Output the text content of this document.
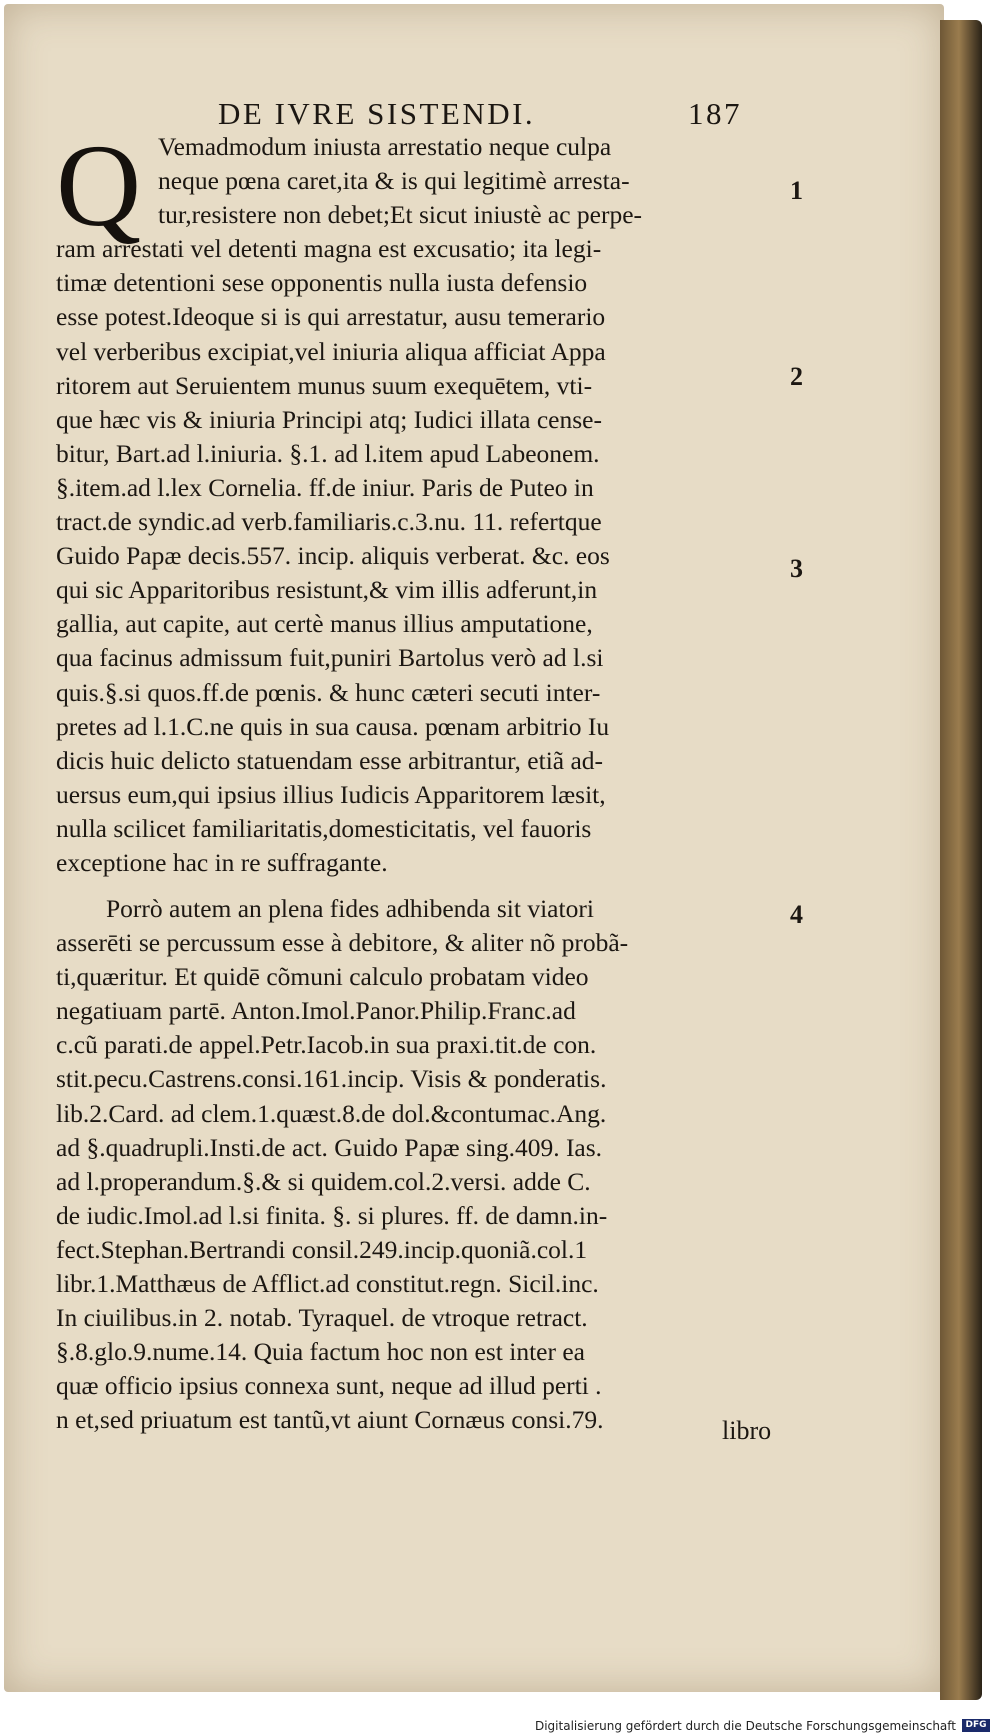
DE IVRE SISTENDI.	187
Q Vemadmodum iniusta arrestatio neque culpa
neque pœna caret,ita & is qui legitimè arresta-
tur,resistere non debet;Et sicut iniustè ac perpe-
ram arrestati vel detenti magna est excusatio; ita legi-
timæ detentioni sese opponentis nulla iusta defensio
esse potest.Ideoque si is qui arrestatur, ausu temerario
vel verberibus excipiat,vel iniuria aliqua afficiat Appa
ritorem aut Seruientem munus suum exequētem, vti-
que hæc vis & iniuria Principi atq; Iudici illata cense-
bitur, Bart.ad l.iniuria. §.1. ad l.item apud Labeonem.
§.item.ad l.lex Cornelia. ff.de iniur. Paris de Puteo in
tract.de syndic.ad verb.familiaris.c.3.nu. 11. refertque
Guido Papæ decis.557. incip. aliquis verberat. &c. eos
qui sic Apparitoribus resistunt,& vim illis adferunt,in
gallia, aut capite, aut certè manus illius amputatione,
qua facinus admissum fuit,puniri Bartolus verò ad l.si
quis.§.si quos.ff.de pœnis. & hunc cæteri secuti inter-
pretes ad l.1.C.ne quis in sua causa. pœnam arbitrio Iu
dicis huic delicto statuendam esse arbitrantur, etiã ad-
uersus eum,qui ipsius illius Iudicis Apparitorem læsit,
nulla scilicet familiaritatis,domesticitatis, vel fauoris
exceptione hac in re suffragante.
Porrò autem an plena fides adhibenda sit viatori
asserēti se percussum esse à debitore, & aliter nõ probã-
ti,quæritur. Et quidē cõmuni calculo probatam video
negatiuam partē. Anton.Imol.Panor.Philip.Franc.ad
c.cũ parati.de appel.Petr.Iacob.in sua praxi.tit.de con.
stit.pecu.Castrens.consi.161.incip. Visis & ponderatis.
lib.2.Card. ad clem.1.quæst.8.de dol.&contumac.Ang.
ad §.quadrupli.Insti.de act. Guido Papæ sing.409. Ias.
ad l.properandum.§.& si quidem.col.2.versi. adde C.
de iudic.Imol.ad l.si finita. §. si plures. ff. de damn.in-
fect.Stephan.Bertrandi consil.249.incip.quoniã.col.1
libr.1.Matthæus de Afflict.ad constitut.regn. Sicil.inc.
In ciuilibus.in 2. notab. Tyraquel. de vtroque retract.
§.8.glo.9.nume.14. Quia factum hoc non est inter ea
quæ officio ipsius connexa sunt, neque ad illud perti .
n et,sed priuatum est tantũ,vt aiunt Cornæus consi.79.	libro
1
2
3
4
Digitalisierung gefördert durch die Deutsche Forschungsgemeinschaft	DFG
